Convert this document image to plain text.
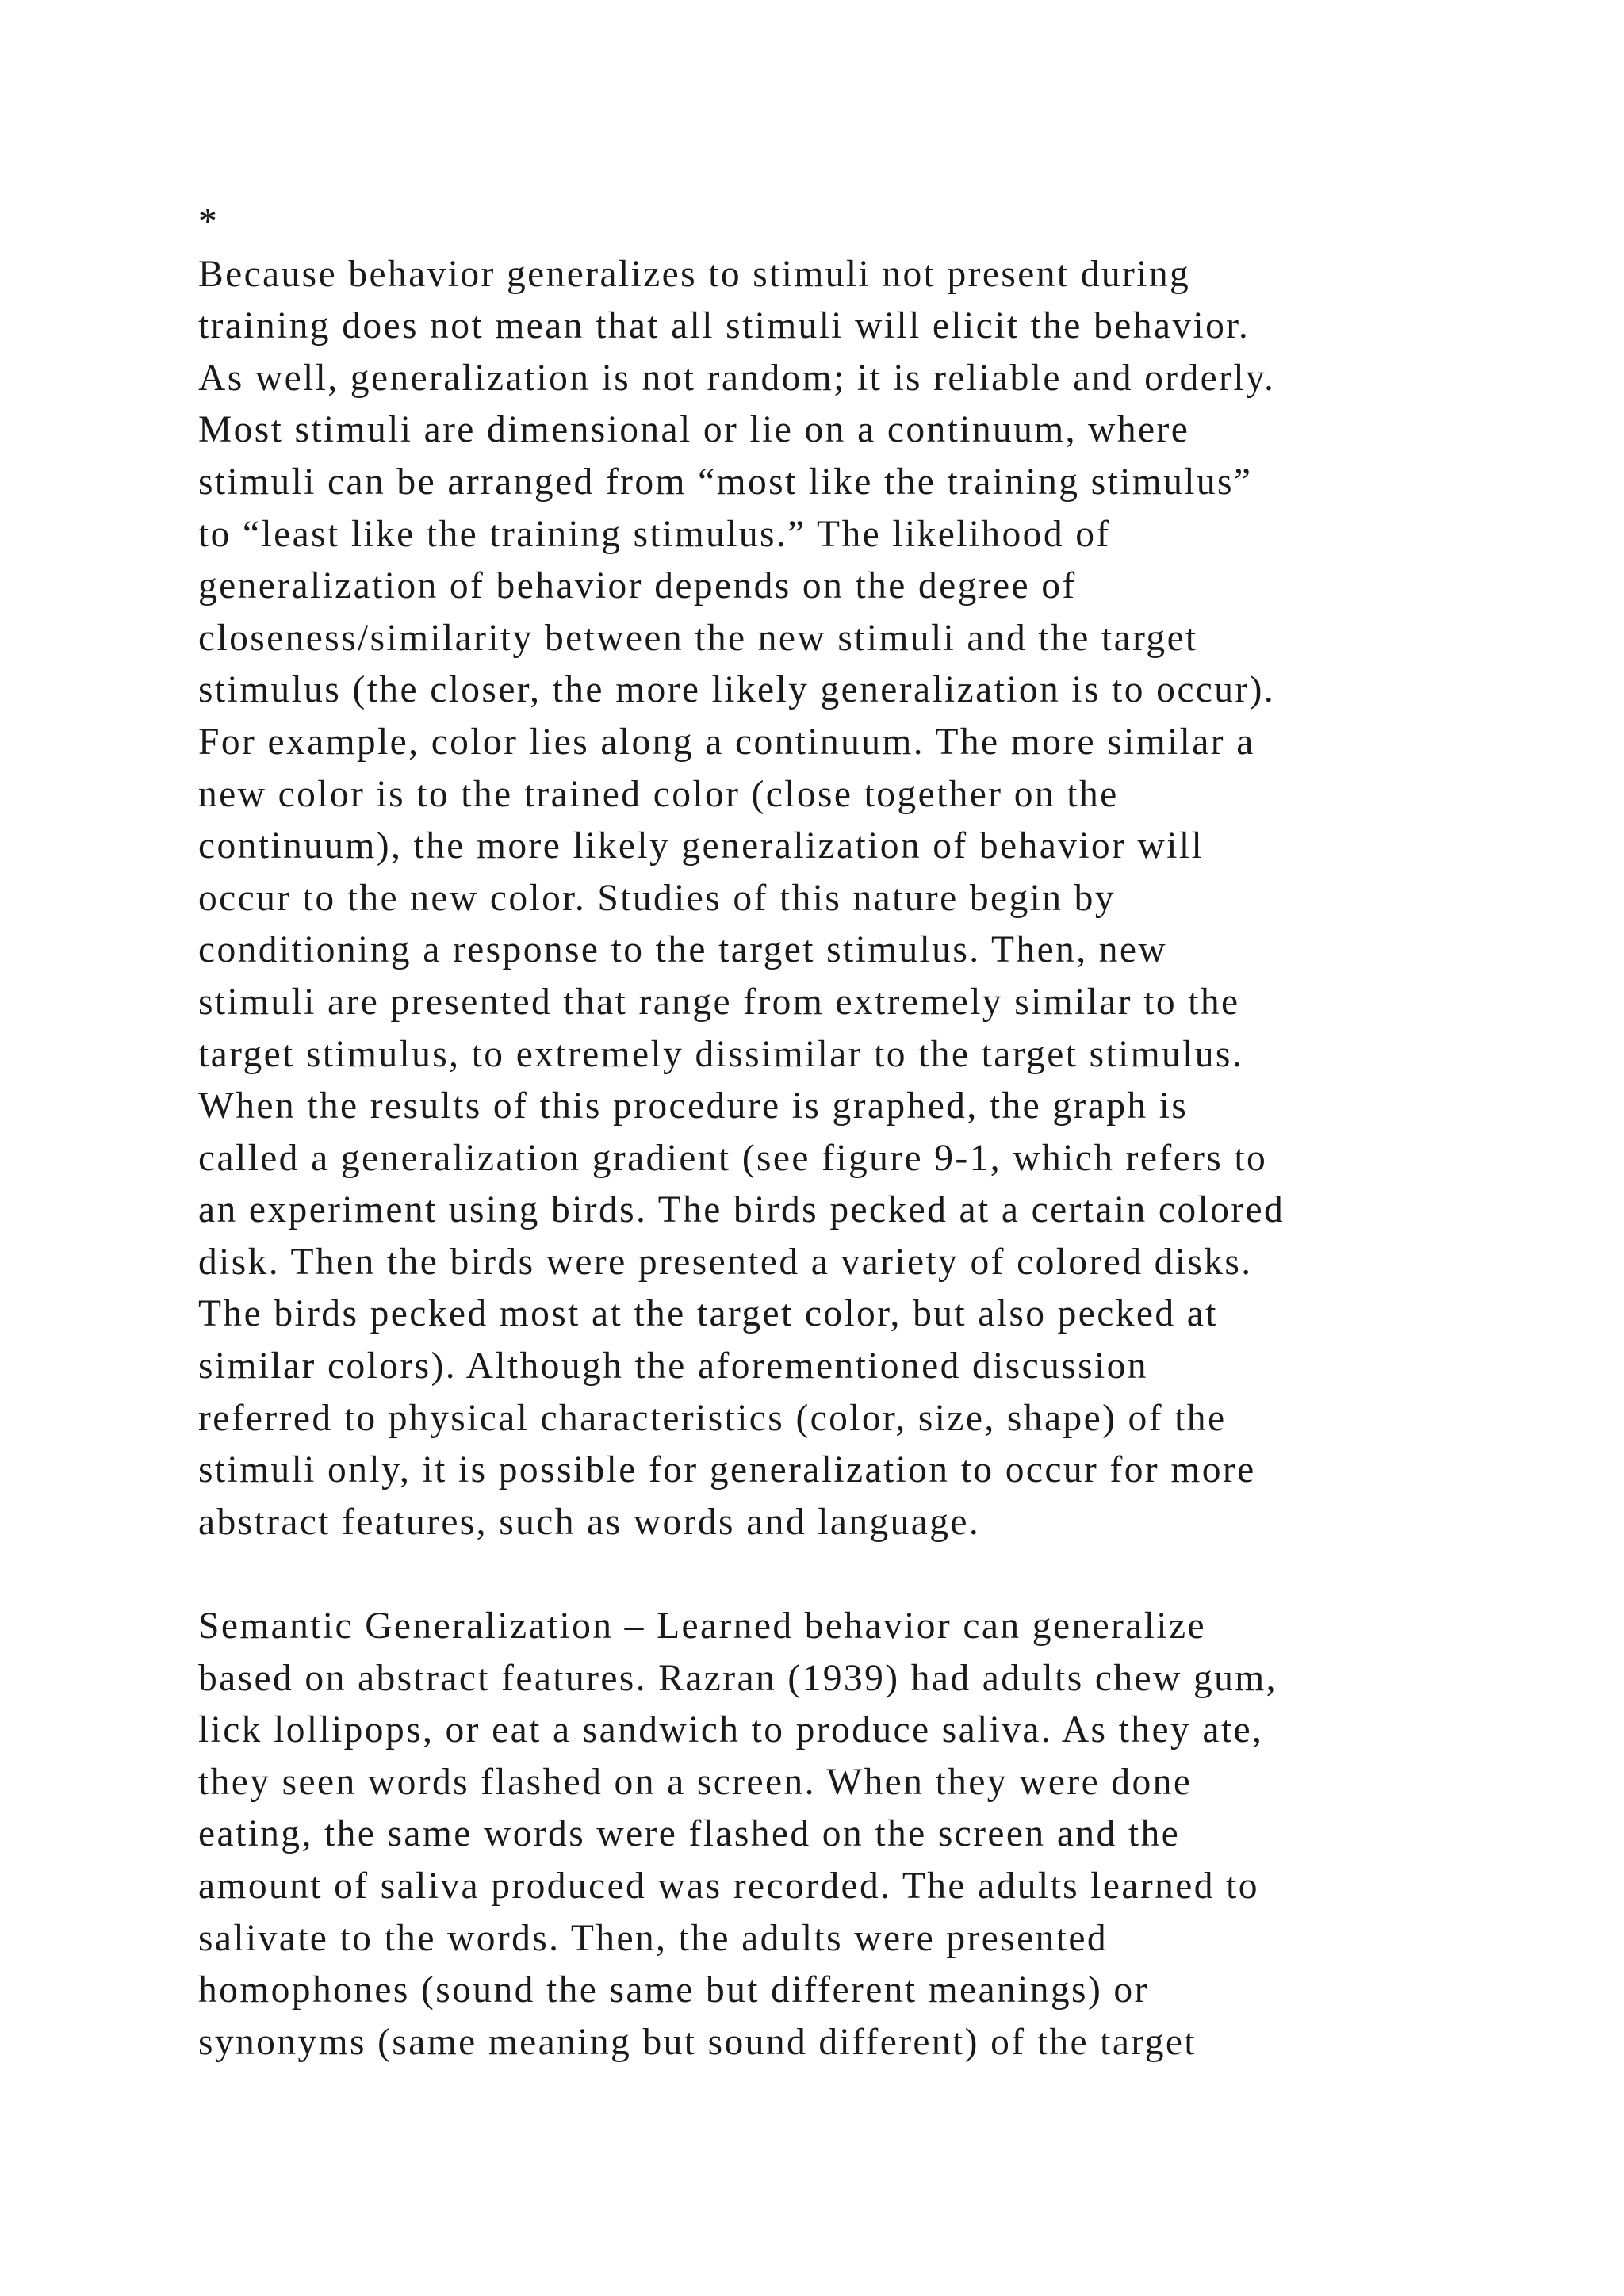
*
Because behavior generalizes to stimuli not present during
training does not mean that all stimuli will elicit the behavior.
As well, generalization is not random; it is reliable and orderly.
Most stimuli are dimensional or lie on a continuum, where
stimuli can be arranged from “most like the training stimulus”
to “least like the training stimulus.” The likelihood of
generalization of behavior depends on the degree of
closeness/similarity between the new stimuli and the target
stimulus (the closer, the more likely generalization is to occur).
For example, color lies along a continuum. The more similar a
new color is to the trained color (close together on the
continuum), the more likely generalization of behavior will
occur to the new color. Studies of this nature begin by
conditioning a response to the target stimulus. Then, new
stimuli are presented that range from extremely similar to the
target stimulus, to extremely dissimilar to the target stimulus.
When the results of this procedure is graphed, the graph is
called a generalization gradient (see figure 9-1, which refers to
an experiment using birds. The birds pecked at a certain colored
disk. Then the birds were presented a variety of colored disks.
The birds pecked most at the target color, but also pecked at
similar colors). Although the aforementioned discussion
referred to physical characteristics (color, size, shape) of the
stimuli only, it is possible for generalization to occur for more
abstract features, such as words and language.
Semantic Generalization – Learned behavior can generalize
based on abstract features. Razran (1939) had adults chew gum,
lick lollipops, or eat a sandwich to produce saliva. As they ate,
they seen words flashed on a screen. When they were done
eating, the same words were flashed on the screen and the
amount of saliva produced was recorded. The adults learned to
salivate to the words. Then, the adults were presented
homophones (sound the same but different meanings) or
synonyms (same meaning but sound different) of the target
